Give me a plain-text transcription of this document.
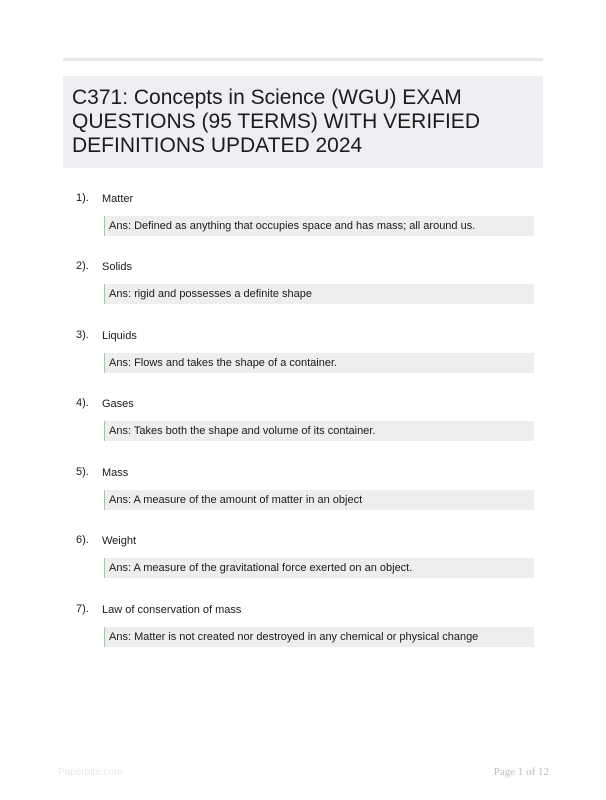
C371: Concepts in Science (WGU) EXAM QUESTIONS (95 TERMS) WITH VERIFIED DEFINITIONS UPDATED 2024
1). Matter
Ans: Defined as anything that occupies space and has mass; all around us.
2). Solids
Ans: rigid and possesses a definite shape
3). Liquids
Ans: Flows and takes the shape of a container.
4). Gases
Ans: Takes both the shape and volume of its container.
5). Mass
Ans: A measure of the amount of matter in an object
6). Weight
Ans: A measure of the gravitational force exerted on an object.
7). Law of conservation of mass
Ans: Matter is not created nor destroyed in any chemical or physical change
Paperbite.com	Page 1 of 12
